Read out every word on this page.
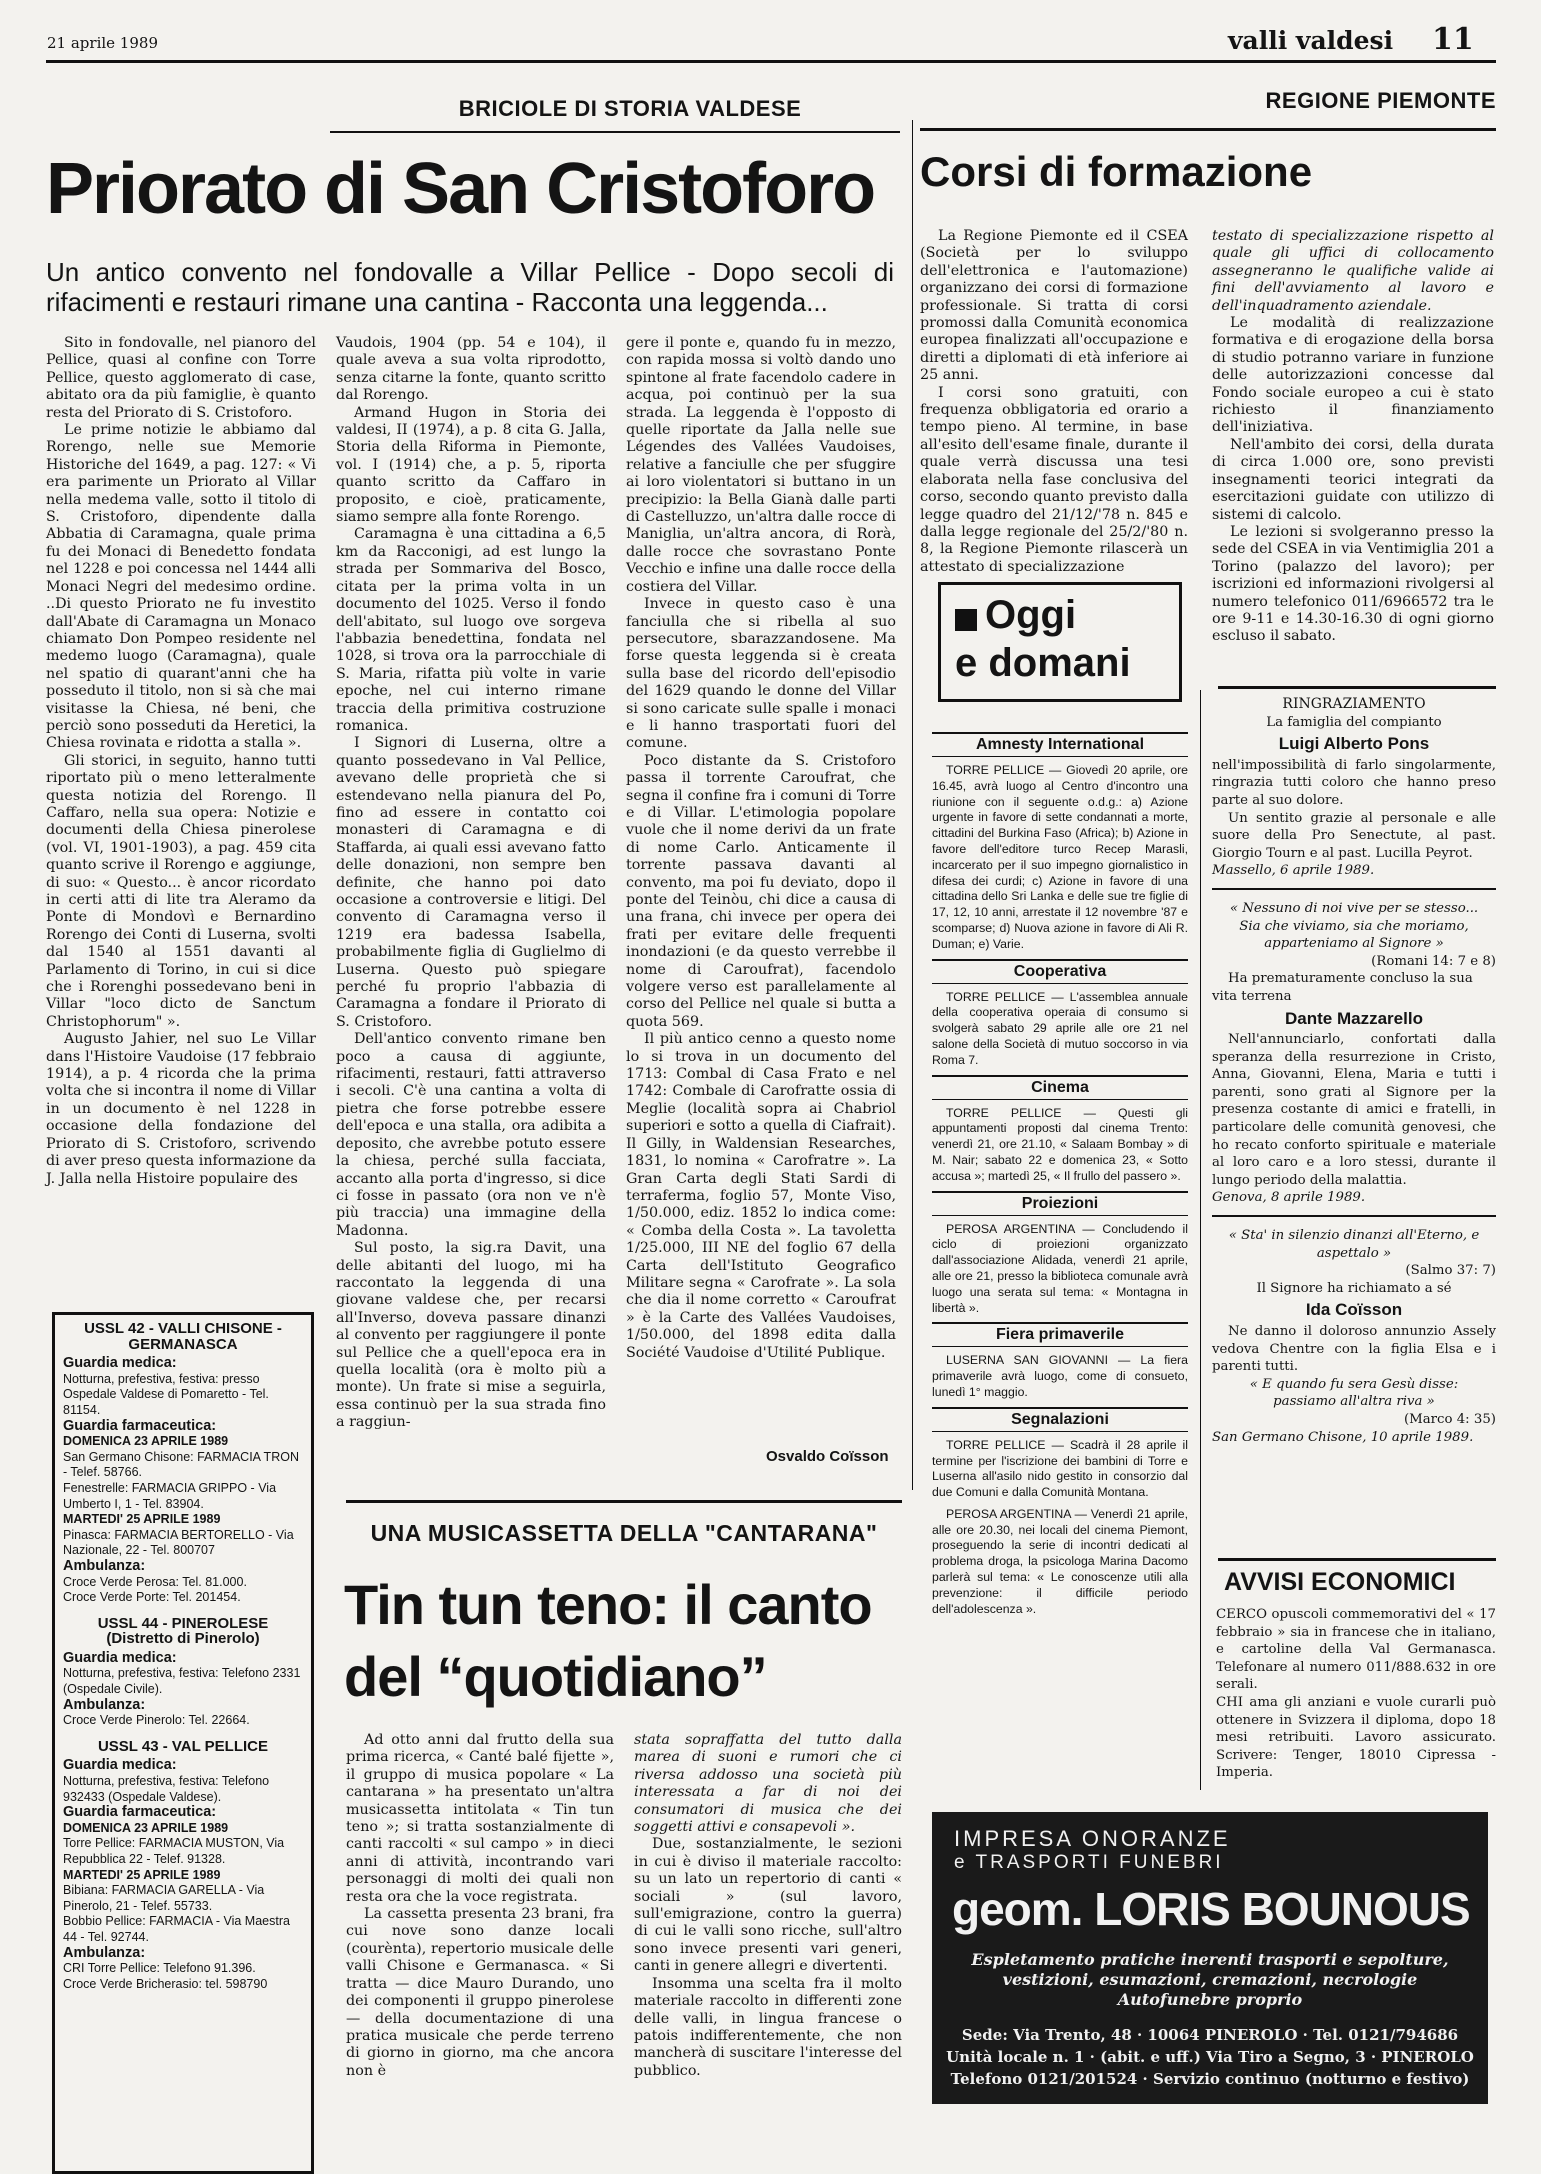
21 aprile 1989	valli valdesi 11
BRICIOLE DI STORIA VALDESE
Priorato di San Cristoforo
Un antico convento nel fondovalle a Villar Pellice - Dopo secoli di rifacimenti e restauri rimane una cantina - Racconta una leggenda...

Sito in fondovalle, nel pianoro del Pellice, quasi al confine con Torre Pellice, questo agglomerato di case, abitato ora da più famiglie, è quanto resta del Priorato di S. Cristoforo.

Le prime notizie le abbiamo dal Rorengo, nelle sue Memorie Historiche del 1649, a pag. 127: « Vi era parimente un Priorato al Villar nella medema valle, sotto il titolo di S. Cristoforo, dipendente dalla Abbatia di Caramagna, quale prima fu dei Monaci di Benedetto fondata nel 1228 e poi concessa nel 1444 alli Monaci Negri del medesimo ordine. ..Di questo Priorato ne fu investito dall'Abate di Caramagna un Monaco chiamato Don Pompeo residente nel medemo luogo (Caramagna), quale nel spatio di quarant'anni che ha posseduto il titolo, non si sà che mai visitasse la Chiesa, né beni, che perciò sono posseduti da Heretici, la Chiesa rovinata e ridotta a stalla ».

Gli storici, in seguito, hanno tutti riportato più o meno letteralmente questa notizia del Rorengo. Il Caffaro, nella sua opera: Notizie e documenti della Chiesa pinerolese (vol. VI, 1901-1903), a pag. 459 cita quanto scrive il Rorengo e aggiunge, di suo: « Questo... è ancor ricordato in certi atti di lite tra Aleramo da Ponte di Mondovì e Bernardino Rorengo dei Conti di Luserna, svolti dal 1540 al 1551 davanti al Parlamento di Torino, in cui si dice che i Rorenghi possedevano beni in Villar "loco dicto de Sanctum Christophorum" ».

Augusto Jahier, nel suo Le Villar dans l'Histoire Vaudoise (17 febbraio 1914), a p. 4 ricorda che la prima volta che si incontra il nome di Villar in un documento è nel 1228 in occasione della fondazione del Priorato di S. Cristoforo, scrivendo di aver preso questa informazione da J. Jalla nella Histoire populaire des

Vaudois, 1904 (pp. 54 e 104), il quale aveva a sua volta riprodotto, senza citarne la fonte, quanto scritto dal Rorengo.

Armand Hugon in Storia dei valdesi, II (1974), a p. 8 cita G. Jalla, Storia della Riforma in Piemonte, vol. I (1914) che, a p. 5, riporta quanto scritto da Caffaro in proposito, e cioè, praticamente, siamo sempre alla fonte Rorengo.

Caramagna è una cittadina a 6,5 km da Racconigi, ad est lungo la strada per Sommariva del Bosco, citata per la prima volta in un documento del 1025. Verso il fondo dell'abitato, sul luogo ove sorgeva l'abbazia benedettina, fondata nel 1028, si trova ora la parrocchiale di S. Maria, rifatta più volte in varie epoche, nel cui interno rimane traccia della primitiva costruzione romanica.

I Signori di Luserna, oltre a quanto possedevano in Val Pellice, avevano delle proprietà che si estendevano nella pianura del Po, fino ad essere in contatto coi monasteri di Caramagna e di Staffarda, ai quali essi avevano fatto delle donazioni, non sempre ben definite, che hanno poi dato occasione a controversie e litigi. Del convento di Caramagna verso il 1219 era badessa Isabella, probabilmente figlia di Guglielmo di Luserna. Questo può spiegare perché fu proprio l'abbazia di Caramagna a fondare il Priorato di S. Cristoforo.

Dell'antico convento rimane ben poco a causa di aggiunte, rifacimenti, restauri, fatti attraverso i secoli. C'è una cantina a volta di pietra che forse potrebbe essere dell'epoca e una stalla, ora adibita a deposito, che avrebbe potuto essere la chiesa, perché sulla facciata, accanto alla porta d'ingresso, si dice ci fosse in passato (ora non ve n'è più traccia) una immagine della Madonna.

Sul posto, la sig.ra Davit, una delle abitanti del luogo, mi ha raccontato la leggenda di una giovane valdese che, per recarsi all'Inverso, doveva passare dinanzi al convento per raggiungere il ponte sul Pellice che a quell'epoca era in quella località (ora è molto più a monte). Un frate si mise a seguirla, essa continuò per la sua strada fino a raggiun-

gere il ponte e, quando fu in mezzo, con rapida mossa si voltò dando uno spintone al frate facendolo cadere in acqua, poi continuò per la sua strada. La leggenda è l'opposto di quelle riportate da Jalla nelle sue Légendes des Vallées Vaudoises, relative a fanciulle che per sfuggire ai loro violentatori si buttano in un precipizio: la Bella Gianà dalle parti di Castelluzzo, un'altra dalle rocce di Maniglia, un'altra ancora, di Rorà, dalle rocce che sovrastano Ponte Vecchio e infine una dalle rocce della costiera del Villar.

Invece in questo caso è una fanciulla che si ribella al suo persecutore, sbarazzandosene. Ma forse questa leggenda si è creata sulla base del ricordo dell'episodio del 1629 quando le donne del Villar si sono caricate sulle spalle i monaci e li hanno trasportati fuori del comune.

Poco distante da S. Cristoforo passa il torrente Caroufrat, che segna il confine fra i comuni di Torre e di Villar. L'etimologia popolare vuole che il nome derivi da un frate di nome Carlo. Anticamente il torrente passava davanti al convento, ma poi fu deviato, dopo il ponte del Teinòu, chi dice a causa di una frana, chi invece per opera dei frati per evitare delle frequenti inondazioni (e da questo verrebbe il nome di Caroufrat), facendolo volgere verso est parallelamente al corso del Pellice nel quale si butta a quota 569.

Il più antico cenno a questo nome lo si trova in un documento del 1713: Combal di Casa Frato e nel 1742: Combale di Carofratte ossia di Meglie (località sopra ai Chabriol superiori e sotto a quella di Ciafrait). Il Gilly, in Waldensian Researches, 1831, lo nomina « Carofratre ». La Gran Carta degli Stati Sardi di terraferma, foglio 57, Monte Viso, 1/50.000, ediz. 1852 lo indica come: « Comba della Costa ». La tavoletta 1/25.000, III NE del foglio 67 della Carta dell'Istituto Geografico Militare segna « Carofrate ». La sola che dia il nome corretto « Caroufrat » è la Carte des Vallées Vaudoises, 1/50.000, del 1898 edita dalla Société Vaudoise d'Utilité Publique.

Osvaldo Coïsson
USSL 42 - VALLI CHISONE - GERMANASCA

Guardia medica:

Notturna, prefestiva, festiva: presso Ospedale Valdese di Pomaretto - Tel. 81154.

Guardia farmaceutica:

DOMENICA 23 APRILE 1989

San Germano Chisone: FARMACIA TRON - Telef. 58766.

Fenestrelle: FARMACIA GRIPPO - Via Umberto I, 1 - Tel. 83904.

MARTEDI' 25 APRILE 1989

Pinasca: FARMACIA BERTORELLO - Via Nazionale, 22 - Tel. 800707

Ambulanza:

Croce Verde Perosa: Tel. 81.000.

Croce Verde Porte: Tel. 201454.

USSL 44 - PINEROLESE (Distretto di Pinerolo)

Guardia medica:

Notturna, prefestiva, festiva: Telefono 2331 (Ospedale Civile).

Ambulanza:

Croce Verde Pinerolo: Tel. 22664.

USSL 43 - VAL PELLICE

Guardia medica:

Notturna, prefestiva, festiva: Telefono 932433 (Ospedale Valdese).

Guardia farmaceutica:

DOMENICA 23 APRILE 1989

Torre Pellice: FARMACIA MUSTON, Via Repubblica 22 - Telef. 91328.

MARTEDI' 25 APRILE 1989

Bibiana: FARMACIA GARELLA - Via Pinerolo, 21 - Telef. 55733.

Bobbio Pellice: FARMACIA - Via Maestra 44 - Tel. 92744.

Ambulanza:

CRI Torre Pellice: Telefono 91.396.

Croce Verde Bricherasio: tel. 598790

UNA MUSICASSETTA DELLA "CANTARANA"
Tin tun teno: il canto
del “quotidiano”

Ad otto anni dal frutto della sua prima ricerca, « Canté balé fijette », il gruppo di musica popolare « La cantarana » ha presentato un'altra musicassetta intitolata « Tin tun teno »; si tratta sostanzialmente di canti raccolti « sul campo » in dieci anni di attività, incontrando vari personaggi di molti dei quali non resta ora che la voce registrata.

La cassetta presenta 23 brani, fra cui nove sono danze locali (courènta), repertorio musicale delle valli Chisone e Germanasca. « Si tratta — dice Mauro Durando, uno dei componenti il gruppo pinerolese — della documentazione di una pratica musicale che perde terreno di giorno in giorno, ma che ancora non è

stata sopraffatta del tutto dalla marea di suoni e rumori che ci riversa addosso una società più interessata a far di noi dei consumatori di musica che dei soggetti attivi e consapevoli ».

Due, sostanzialmente, le sezioni in cui è diviso il materiale raccolto: su un lato un repertorio di canti « sociali » (sul lavoro, sull'emigrazione, contro la guerra) di cui le valli sono ricche, sull'altro sono invece presenti vari generi, canti in genere allegri e divertenti.

Insomma una scelta fra il molto materiale raccolto in differenti zone delle valli, in lingua francese o patois indifferentemente, che non mancherà di suscitare l'interesse del pubblico.

REGIONE PIEMONTE
Corsi di formazione

La Regione Piemonte ed il CSEA (Società per lo sviluppo dell'elettronica e l'automazione) organizzano dei corsi di formazione professionale. Si tratta di corsi promossi dalla Comunità economica europea finalizzati all'occupazione e diretti a diplomati di età inferiore ai 25 anni.

I corsi sono gratuiti, con frequenza obbligatoria ed orario a tempo pieno. Al termine, in base all'esito dell'esame finale, durante il quale verrà discussa una tesi elaborata nella fase conclusiva del corso, secondo quanto previsto dalla legge quadro del 21/12/'78 n. 845 e dalla legge regionale del 25/2/'80 n. 8, la Regione Piemonte rilascerà un attestato di specializzazione

testato di specializzazione rispetto al quale gli uffici di collocamento assegneranno le qualifiche valide ai fini dell'avviamento al lavoro e dell'inquadramento aziendale.

Le modalità di realizzazione formativa e di erogazione della borsa di studio potranno variare in funzione delle autorizzazioni concesse dal Fondo sociale europeo a cui è stato richiesto il finanziamento dell'iniziativa.

Nell'ambito dei corsi, della durata di circa 1.000 ore, sono previsti insegnamenti teorici integrati da esercitazioni guidate con utilizzo di sistemi di calcolo.

Le lezioni si svolgeranno presso la sede del CSEA in via Ventimiglia 201 a Torino (palazzo del lavoro); per iscrizioni ed informazioni rivolgersi al numero telefonico 011/6966572 tra le ore 9-11 e 14.30-16.30 di ogni giorno escluso il sabato.

Oggi
e domani
Amnesty International

TORRE PELLICE — Giovedì 20 aprile, ore 16.45, avrà luogo al Centro d'incontro una riunione con il seguente o.d.g.: a) Azione urgente in favore di sette condannati a morte, cittadini del Burkina Faso (Africa); b) Azione in favore dell'editore turco Recep Marasli, incarcerato per il suo impegno giornalistico in difesa dei curdi; c) Azione in favore di una cittadina dello Sri Lanka e delle sue tre figlie di 17, 12, 10 anni, arrestate il 12 novembre '87 e scomparse; d) Nuova azione in favore di Ali R. Duman; e) Varie.

Cooperativa

TORRE PELLICE — L'assemblea annuale della cooperativa operaia di consumo si svolgerà sabato 29 aprile alle ore 21 nel salone della Società di mutuo soccorso in via Roma 7.

Cinema

TORRE PELLICE — Questi gli appuntamenti proposti dal cinema Trento: venerdì 21, ore 21.10, « Salaam Bombay » di M. Nair; sabato 22 e domenica 23, « Sotto accusa »; martedì 25, « Il frullo del passero ».

Proiezioni

PEROSA ARGENTINA — Concludendo il ciclo di proiezioni organizzato dall'associazione Alidada, venerdì 21 aprile, alle ore 21, presso la biblioteca comunale avrà luogo una serata sul tema: « Montagna in libertà ».

Fiera primaverile

LUSERNA SAN GIOVANNI — La fiera primaverile avrà luogo, come di consueto, lunedì 1° maggio.

Segnalazioni

TORRE PELLICE — Scadrà il 28 aprile il termine per l'iscrizione dei bambini di Torre e Luserna all'asilo nido gestito in consorzio dal due Comuni e dalla Comunità Montana.

PEROSA ARGENTINA — Venerdì 21 aprile, alle ore 20.30, nei locali del cinema Piemont, proseguendo la serie di incontri dedicati al problema droga, la psicologa Marina Dacomo parlerà sul tema: « Le conoscenze utili alla prevenzione: il difficile periodo dell'adolescenza ».

RINGRAZIAMENTO

La famiglia del compianto

Luigi Alberto Pons

nell'impossibilità di farlo singolarmente, ringrazia tutti coloro che hanno preso parte al suo dolore.

Un sentito grazie al personale e alle suore della Pro Senectute, al past. Giorgio Tourn e al past. Lucilla Peyrot.

Massello, 6 aprile 1989.

« Nessuno di noi vive per se stesso... Sia che viviamo, sia che moriamo, apparteniamo al Signore »

(Romani 14: 7 e 8)

Ha prematuramente concluso la sua vita terrena

Dante Mazzarello

Nell'annunciarlo, confortati dalla speranza della resurrezione in Cristo, Anna, Giovanni, Elena, Maria e tutti i parenti, sono grati al Signore per la presenza costante di amici e fratelli, in particolare delle comunità genovesi, che ho recato conforto spirituale e materiale al loro caro e a loro stessi, durante il lungo periodo della malattia.

Genova, 8 aprile 1989.

« Sta' in silenzio dinanzi all'Eterno, e aspettalo »

(Salmo 37: 7)

Il Signore ha richiamato a sé

Ida Coïsson

Ne danno il doloroso annunzio Assely vedova Chentre con la figlia Elsa e i parenti tutti.

« E quando fu sera Gesù disse: passiamo all'altra riva »

(Marco 4: 35)

San Germano Chisone, 10 aprile 1989.

AVVISI ECONOMICI

CERCO opuscoli commemorativi del « 17 febbraio » sia in francese che in italiano, e cartoline della Val Germanasca. Telefonare al numero 011/888.632 in ore serali.

CHI ama gli anziani e vuole curarli può ottenere in Svizzera il diploma, dopo 18 mesi retribuiti. Lavoro assicurato. Scrivere: Tenger, 18010 Cipressa - Imperia.

IMPRESA ONORANZE
e TRASPORTI FUNEBRI
geom. LORIS BOUNOUS
Espletamento pratiche inerenti trasporti e sepolture,
vestizioni, esumazioni, cremazioni, necrologie
Autofunebre proprio
Sede: Via Trento, 48 · 10064 PINEROLO · Tel. 0121/794686
Unità locale n. 1 · (abit. e uff.) Via Tiro a Segno, 3 · PINEROLO
Telefono 0121/201524 · Servizio continuo (notturno e festivo)
